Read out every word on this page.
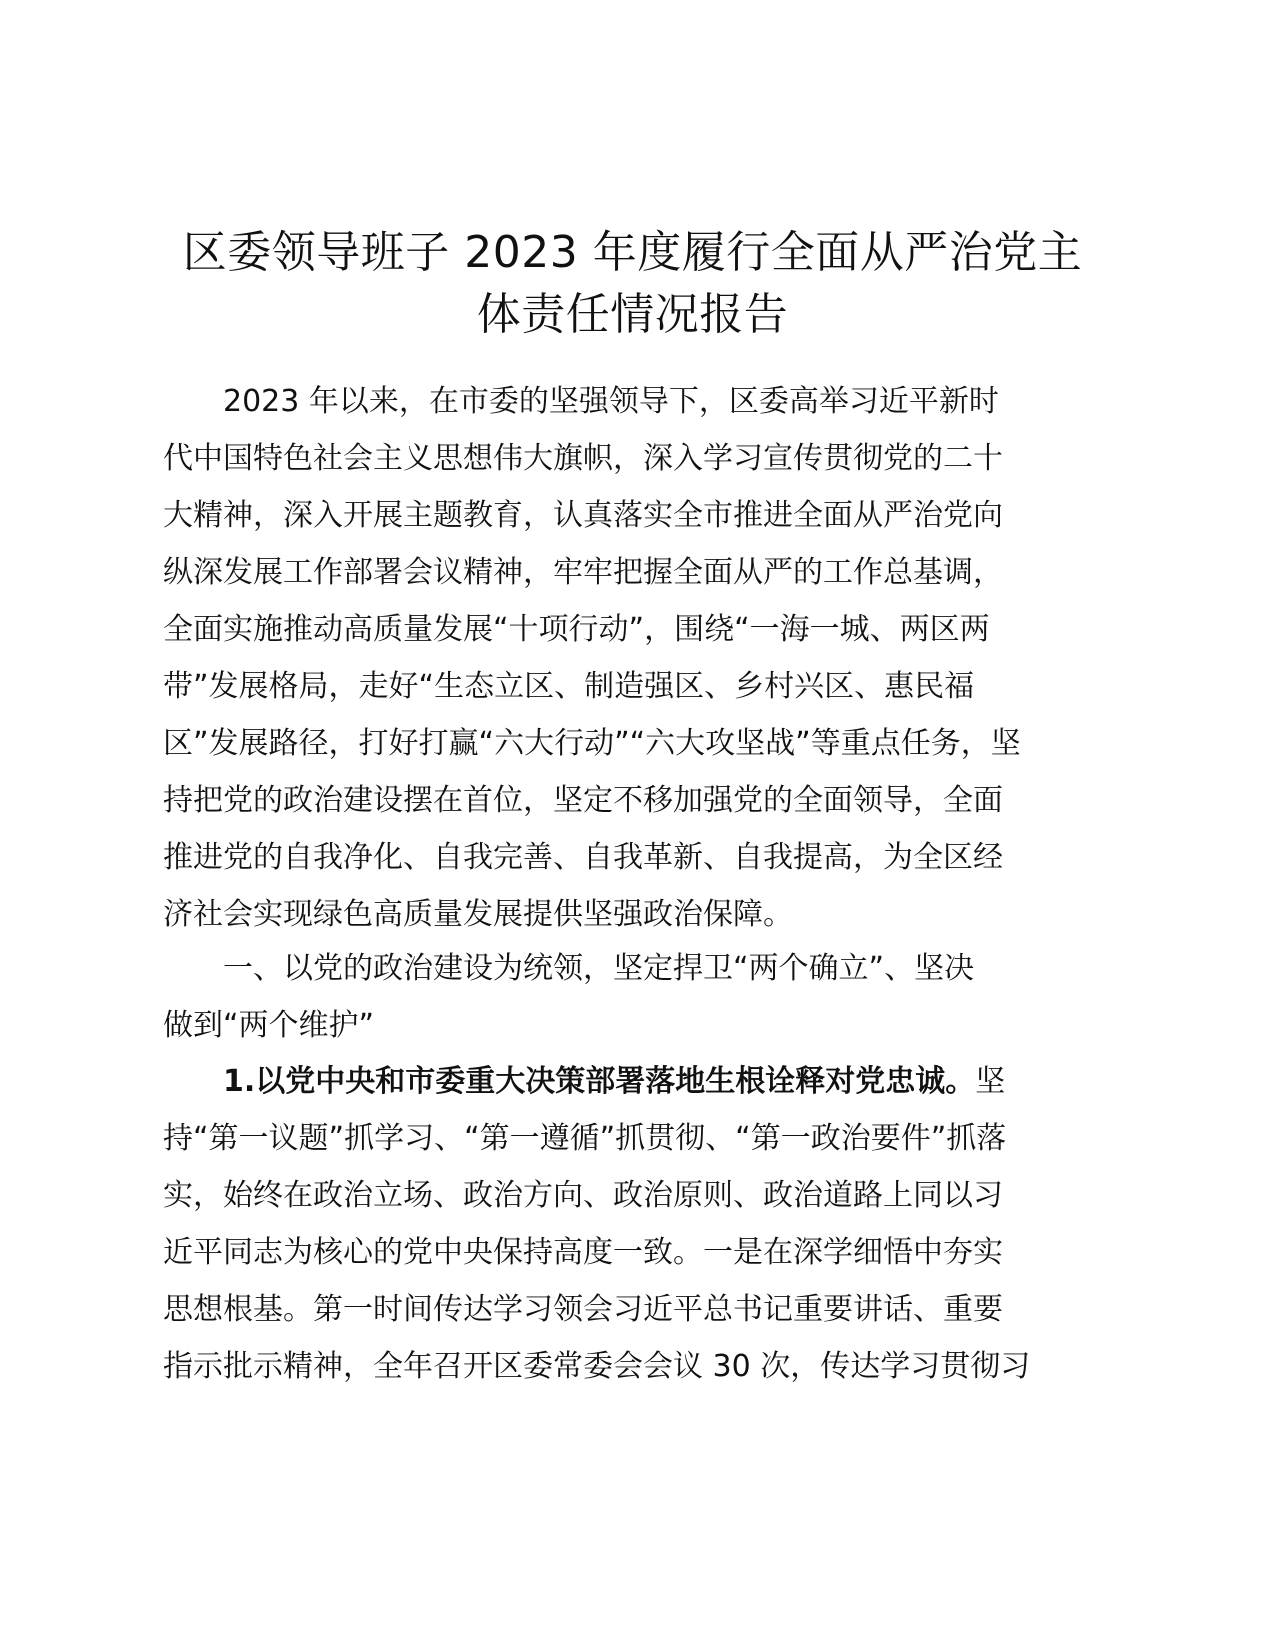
区委领导班子 2023 年度履行全面从严治党主
体责任情况报告
2023 年以来，在市委的坚强领导下，区委高举习近平新时
代中国特色社会主义思想伟大旗帜，深入学习宣传贯彻党的二十
大精神，深入开展主题教育，认真落实全市推进全面从严治党向
纵深发展工作部署会议精神，牢牢把握全面从严的工作总基调，
全面实施推动高质量发展“十项行动”，围绕“一海一城、两区两
带”发展格局，走好“生态立区、制造强区、乡村兴区、惠民福
区”发展路径，打好打赢“六大行动”“六大攻坚战”等重点任务，坚
持把党的政治建设摆在首位，坚定不移加强党的全面领导，全面
推进党的自我净化、自我完善、自我革新、自我提高，为全区经
济社会实现绿色高质量发展提供坚强政治保障。
一、以党的政治建设为统领，坚定捍卫“两个确立”、坚决
做到“两个维护”
1.以党中央和市委重大决策部署落地生根诠释对党忠诚。坚
持“第一议题”抓学习、“第一遵循”抓贯彻、“第一政治要件”抓落
实，始终在政治立场、政治方向、政治原则、政治道路上同以习
近平同志为核心的党中央保持高度一致。一是在深学细悟中夯实
思想根基。第一时间传达学习领会习近平总书记重要讲话、重要
指示批示精神，全年召开区委常委会会议 30 次，传达学习贯彻习
